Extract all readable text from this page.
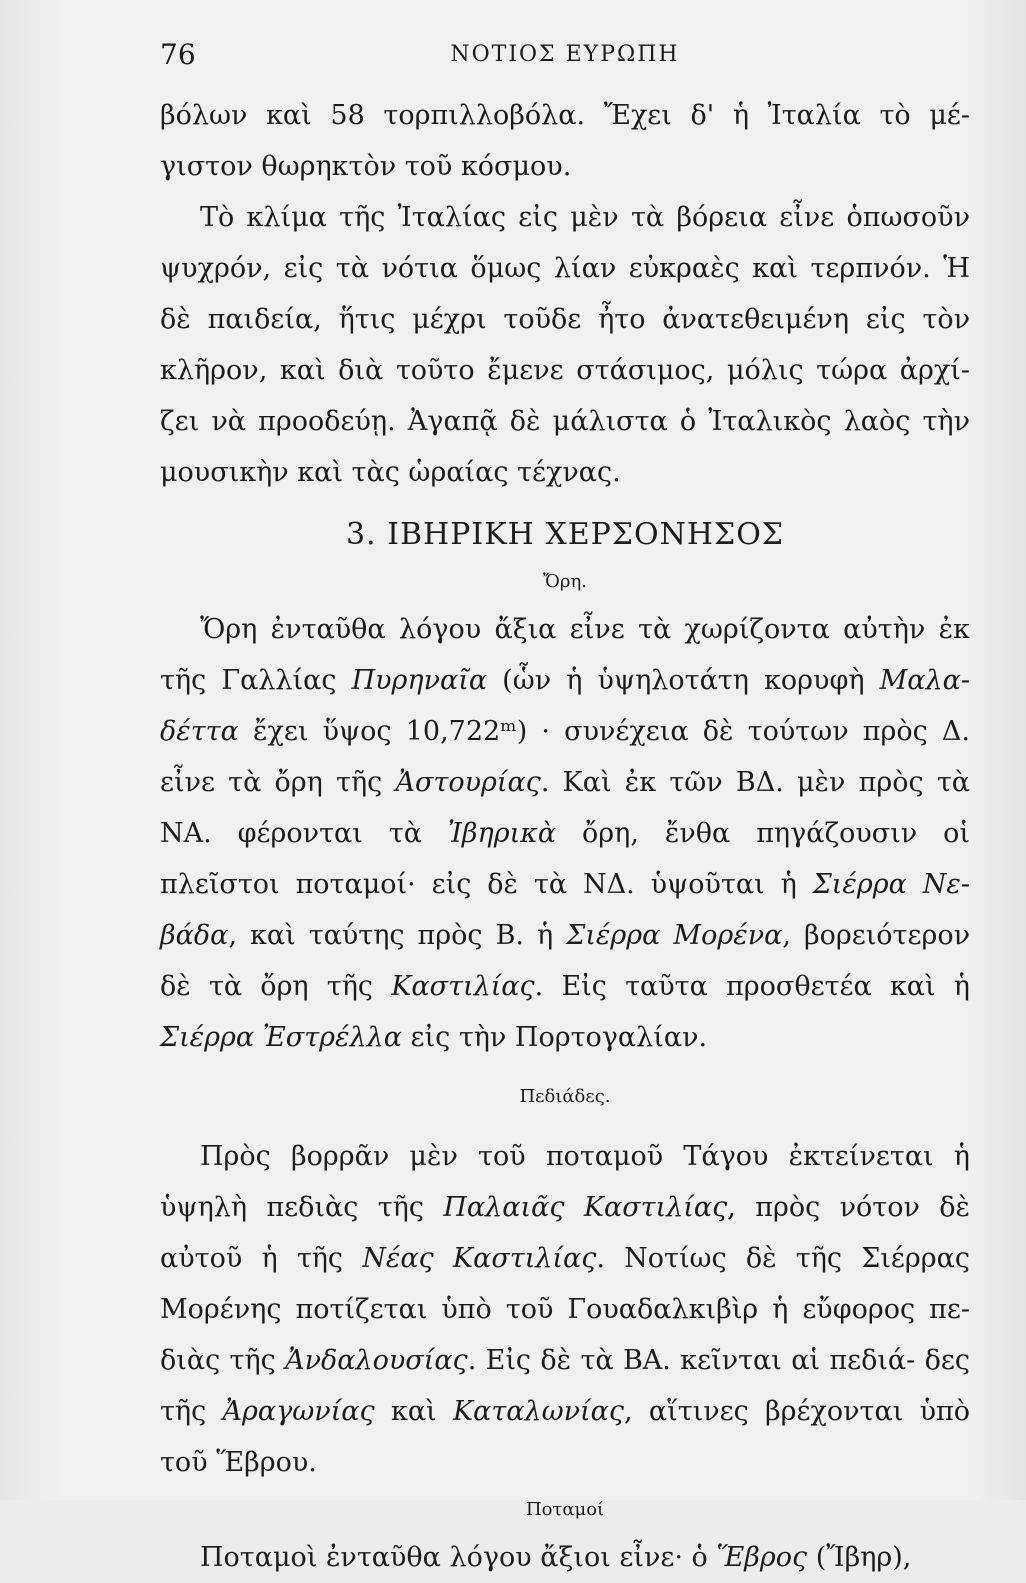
76	ΝΟΤΙΟΣ ΕΥΡΩΠΗ

βόλων καὶ 58 τορπιλλοβόλα. Ἔχει δ' ἡ Ἰταλία τὸ μέ-

γιστον θωρηκτὸν τοῦ κόσμου.

Τὸ κλίμα τῆς Ἰταλίας εἰς μὲν τὰ βόρεια εἶνε ὁπωσοῦν ψυχρόν, εἰς τὰ νότια ὅμως λίαν εὐκραὲς καὶ τερπνόν. Ἡ δὲ παιδεία, ἥτις μέχρι τοῦδε ἦτο ἀνατεθειμένη εἰς τὸν κλῆρον, καὶ διὰ τοῦτο ἔμενε στάσιμος, μόλις τώρα ἀρχί- ζει νὰ προοδεύῃ. Ἀγαπᾷ δὲ μάλιστα ὁ Ἰταλικὸς λαὸς τὴν μουσικὴν καὶ τὰς ὡραίας τέχνας.

3. ΙΒΗΡΙΚΗ ΧΕΡΣΟΝΗΣΟΣ
Ὄρη.

Ὄρη ἐνταῦθα λόγου ἄξια εἶνε τὰ χωρίζοντα αὐτὴν ἐκ τῆς Γαλλίας Πυρηναῖα (ὧν ἡ ὑψηλοτάτη κορυφὴ Μαλα- δέττα ἔχει ὕψος 10,722ᵐ) · συνέχεια δὲ τούτων πρὸς Δ. εἶνε τὰ ὄρη τῆς Ἀστουρίας. Καὶ ἐκ τῶν ΒΔ. μὲν πρὸς τὰ ΝΑ. φέρονται τὰ Ἰβηρικὰ ὄρη, ἔνθα πηγάζουσιν οἱ πλεῖστοι ποταμοί· εἰς δὲ τὰ ΝΔ. ὑψοῦται ἡ Σιέρρα Νε- βάδα, καὶ ταύτης πρὸς Β. ἡ Σιέρρα Μορένα, βορειότερον δὲ τὰ ὄρη τῆς Καστιλίας. Εἰς ταῦτα προσθετέα καὶ ἡ Σιέρρα Ἐστρέλλα εἰς τὴν Πορτογαλίαν.

Πεδιάδες.

Πρὸς βορρᾶν μὲν τοῦ ποταμοῦ Τάγου ἐκτείνεται ἡ ὑψηλὴ πεδιὰς τῆς Παλαιᾶς Καστιλίας, πρὸς νότον δὲ αὐτοῦ ἡ τῆς Νέας Καστιλίας. Νοτίως δὲ τῆς Σιέρρας Μορένης ποτίζεται ὑπὸ τοῦ Γουαδαλκιβὶρ ἡ εὔφορος πε- διὰς τῆς Ἀνδαλουσίας. Εἰς δὲ τὰ ΒΑ. κεῖνται αἱ πεδιά- δες τῆς Ἀραγωνίας καὶ Καταλωνίας, αἵτινες βρέχονται ὑπὸ τοῦ Ἕβρου.

Ποταμοί

Ποταμοὶ ἐνταῦθα λόγου ἄξιοι εἶνε· ὁ Ἕβρος (Ἴβηρ),
